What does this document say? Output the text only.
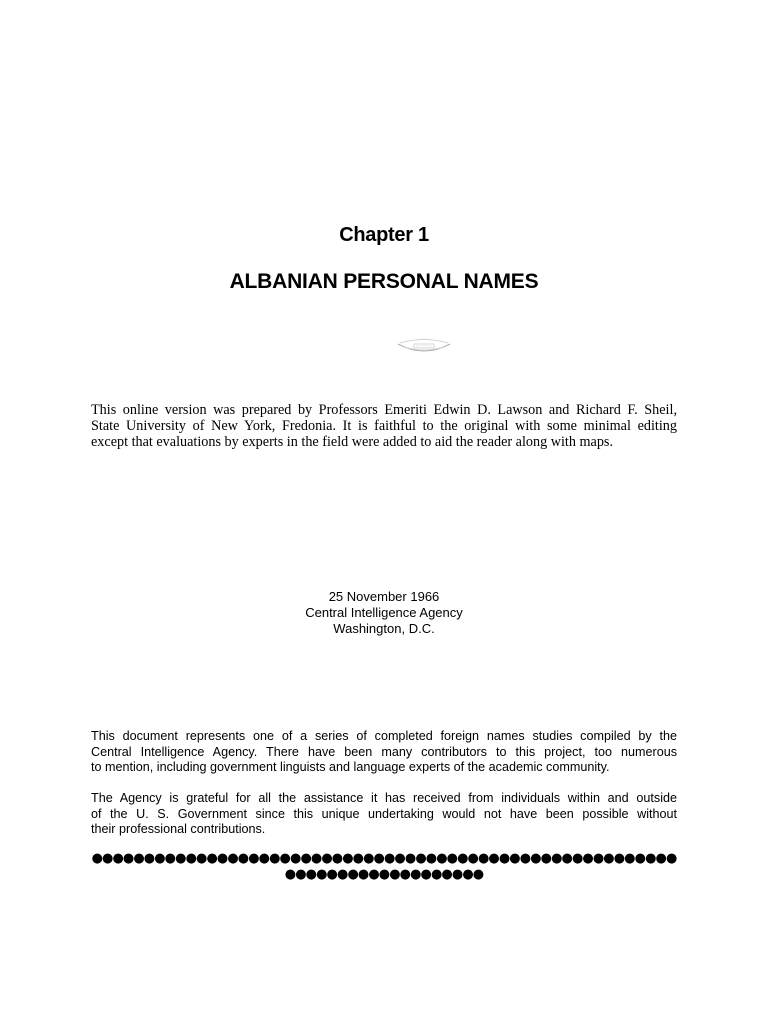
Chapter 1
ALBANIAN PERSONAL NAMES
This online version was prepared by Professors Emeriti Edwin D. Lawson and Richard F. Sheil,
State University of New York, Fredonia. It is faithful to the original with some minimal editing
except that evaluations by experts in the field were added to aid the reader along with maps.
25 November 1966
Central Intelligence Agency
Washington, D.C.
This document represents one of a series of completed foreign names studies compiled by the
Central Intelligence Agency. There have been many contributors to this project, too numerous
to mention, including government linguists and language experts of the academic community.
The Agency is grateful for all the assistance it has received from individuals within and outside
of the U. S. Government since this unique undertaking would not have been possible without
their professional contributions.
●●●●●●●●●●●●●●●●●●●●●●●●●●●●●●●●●●●●●●●●●●●●●●●●●●●●●●●●
●●●●●●●●●●●●●●●●●●●
